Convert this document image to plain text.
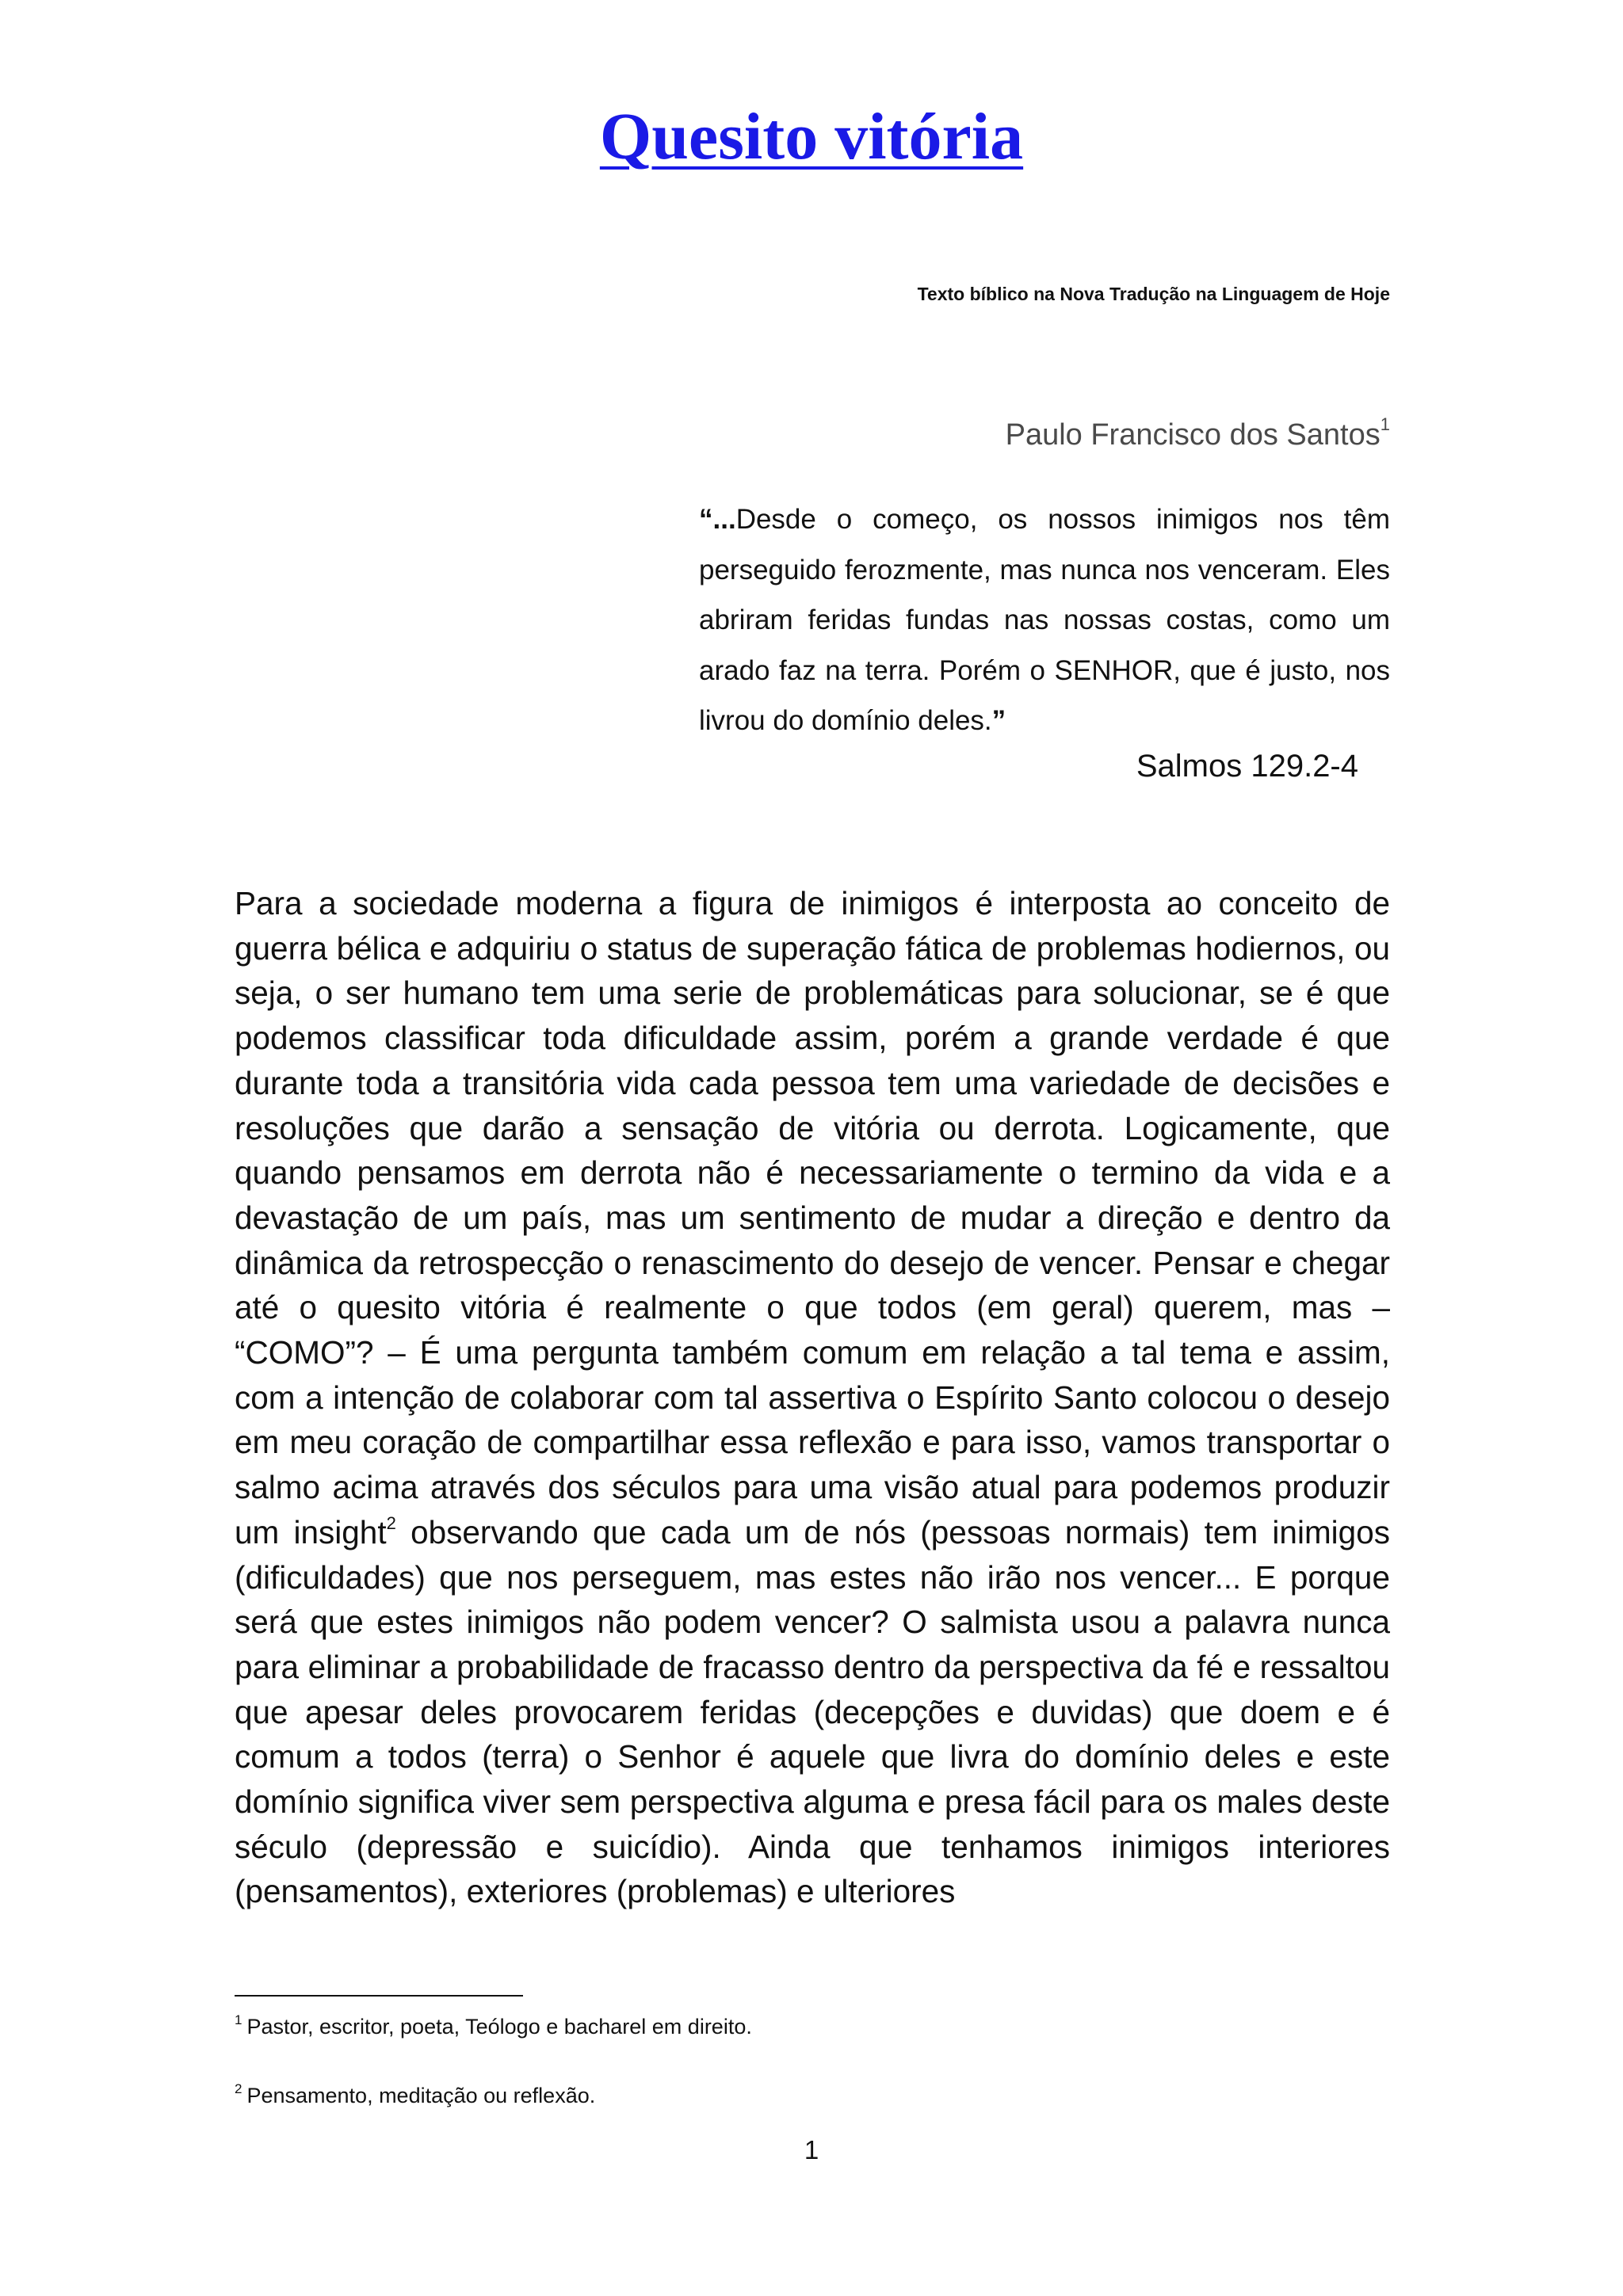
Quesito vitória
Texto bíblico na Nova Tradução na Linguagem de Hoje
Paulo Francisco dos Santos$^1$

“...Desde o começo, os nossos inimigos nos têm perseguido ferozmente, mas nunca nos venceram. Eles abriram feridas fundas nas nossas costas, como um arado faz na terra. Porém o SENHOR, que é justo, nos livrou do domínio deles.”

Salmos 129.2-4

Para a sociedade moderna a figura de inimigos é interposta ao conceito de guerra bélica e adquiriu o status de superação fática de problemas hodiernos, ou seja, o ser humano tem uma serie de problemáticas para solucionar, se é que podemos classificar toda dificuldade assim, porém a grande verdade é que durante toda a transitória vida cada pessoa tem uma variedade de decisões e resoluções que darão a sensação de vitória ou derrota. Logicamente, que quando pensamos em derrota não é necessariamente o termino da vida e a devastação de um país, mas um sentimento de mudar a direção e dentro da dinâmica da retrospecção o renascimento do desejo de vencer. Pensar e chegar até o quesito vitória é realmente o que todos (em geral) querem, mas – “COMO”? – É uma pergunta também comum em relação a tal tema e assim, com a intenção de colaborar com tal assertiva o Espírito Santo colocou o desejo em meu coração de compartilhar essa reflexão e para isso, vamos transportar o salmo acima através dos séculos para uma visão atual para podemos produzir um insight$^2$ observando que cada um de nós (pessoas normais) tem inimigos (dificuldades) que nos perseguem, mas estes não irão nos vencer... E porque será que estes inimigos não podem vencer? O salmista usou a palavra nunca para eliminar a probabilidade de fracasso dentro da perspectiva da fé e ressaltou que apesar deles provocarem feridas (decepções e duvidas) que doem e é comum a todos (terra) o Senhor é aquele que livra do domínio deles e este domínio significa viver sem perspectiva alguma e presa fácil para os males deste século (depressão e suicídio). Ainda que tenhamos inimigos interiores (pensamentos), exteriores (problemas) e ulteriores

$^1$ Pastor, escritor, poeta, Teólogo e bacharel em direito.
$^2$ Pensamento, meditação ou reflexão.
1
